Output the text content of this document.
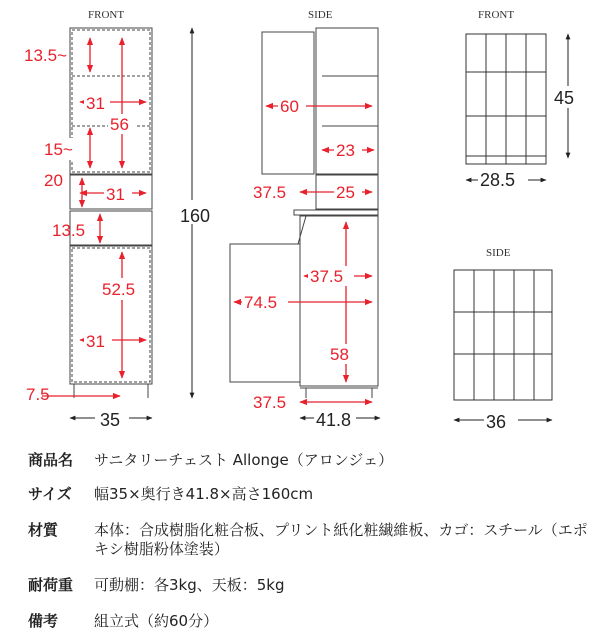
13.5~
31
56
15~
20
31
13.5
52.5
31
7.5
160
35
60
23
37.5	25
37.5
74.5
58
37.5
41.8
45
28.5
36
FRONT	SIDE	FRONT
SIDE
商品名	サニタリーチェスト Allonge（アロンジェ）
サイズ	幅35×奥行き41.8×高さ160cm
材質	本体：合成樹脂化粧合板、プリント紙化粧繊維板、カゴ：スチール（エポキシ樹脂粉体塗装）
耐荷重	可動棚：各3kg、天板：5kg
備考	組立式（約60分）
